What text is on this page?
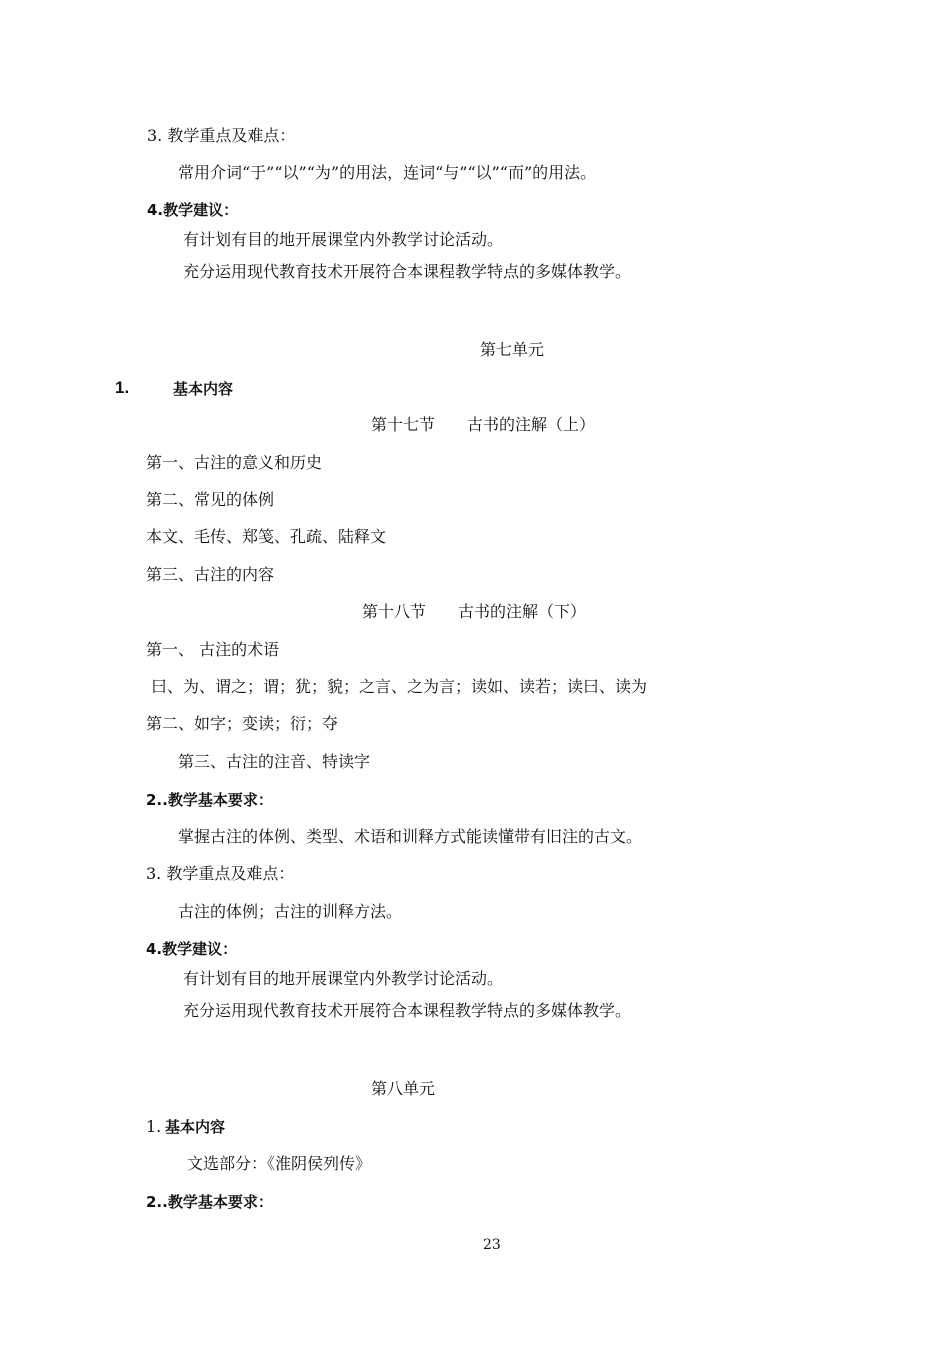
3. 教学重点及难点：
常用介词“于”“以”“为”的用法，连词“与”“以”“而”的用法。
4.教学建议：
有计划有目的地开展课堂内外教学讨论活动。
充分运用现代教育技术开展符合本课程教学特点的多媒体教学。
第七单元
1.	基本内容
第十七节　　古书的注解（上）
第一、古注的意义和历史
第二、常见的体例
本文、毛传、郑笺、孔疏、陆释文
第三、古注的内容
第十八节　　古书的注解（下）
第一、 古注的术语
曰、为、谓之；谓；犹；貌；之言、之为言；读如、读若；读曰、读为
第二、如字；变读；衍；夺
第三、古注的注音、特读字
2..教学基本要求：
掌握古注的体例、类型、术语和训释方式能读懂带有旧注的古文。
3. 教学重点及难点：
古注的体例；古注的训释方法。
4.教学建议：
有计划有目的地开展课堂内外教学讨论活动。
充分运用现代教育技术开展符合本课程教学特点的多媒体教学。
第八单元
1. 基本内容
文选部分：《淮阴侯列传》
2..教学基本要求：
23
